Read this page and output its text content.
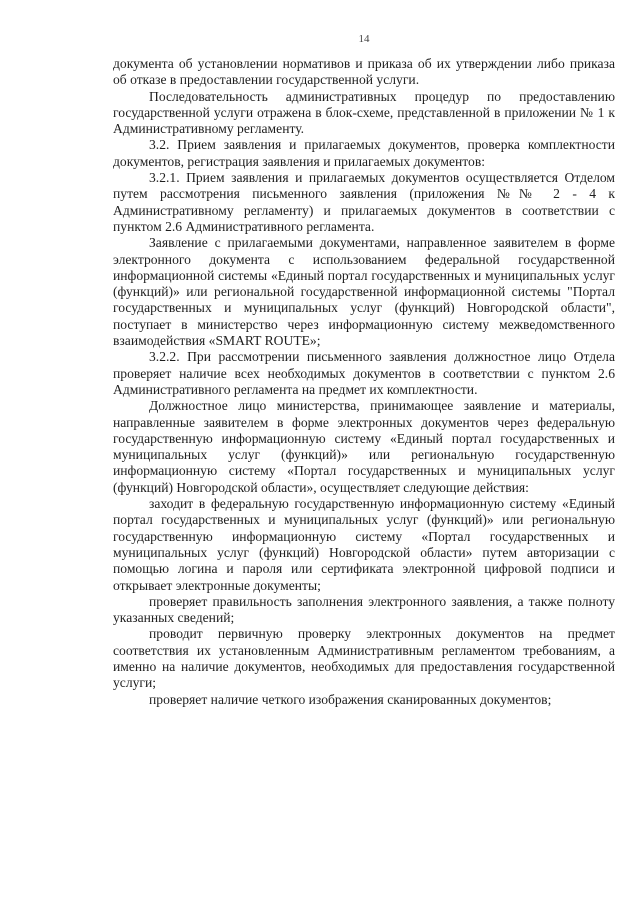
14

документа об установлении нормативов и приказа об их утверждении либо приказа об отказе в предоставлении государственной услуги.

Последовательность административных процедур по предоставлению государственной услуги отражена в блок-схеме, представленной в приложении № 1 к Административному регламенту.

3.2. Прием заявления и прилагаемых документов, проверка комплектности документов, регистрация заявления и прилагаемых документов:

3.2.1. Прием заявления и прилагаемых документов осуществляется Отделом путем рассмотрения письменного заявления (приложения №№ 2 - 4 к Административному регламенту) и прилагаемых документов в соответствии с пунктом 2.6 Административного регламента.

Заявление с прилагаемыми документами, направленное заявителем в форме электронного документа с использованием федеральной государственной информационной системы «Единый портал государственных и муниципальных услуг (функций)» или региональной государственной информационной системы "Портал государственных и муниципальных услуг (функций) Новгородской области", поступает в министерство через информационную систему межведомственного взаимодействия «SMART ROUTE»;

3.2.2. При рассмотрении письменного заявления должностное лицо Отдела проверяет наличие всех необходимых документов в соответствии с пунктом 2.6 Административного регламента на предмет их комплектности.

Должностное лицо министерства, принимающее заявление и материалы, направленные заявителем в форме электронных документов через федеральную государственную информационную систему «Единый портал государственных и муниципальных услуг (функций)» или региональную государственную информационную систему «Портал государственных и муниципальных услуг (функций) Новгородской области», осуществляет следующие действия:

заходит в федеральную государственную информационную систему «Единый портал государственных и муниципальных услуг (функций)» или региональную государственную информационную систему «Портал государственных и муниципальных услуг (функций) Новгородской области» путем авторизации с помощью логина и пароля или сертификата электронной цифровой подписи и открывает электронные документы;

проверяет правильность заполнения электронного заявления, а также полноту указанных сведений;

проводит первичную проверку электронных документов на предмет соответствия их установленным Административным регламентом требованиям, а именно на наличие документов, необходимых для предоставления государственной услуги;

проверяет наличие четкого изображения сканированных документов;
